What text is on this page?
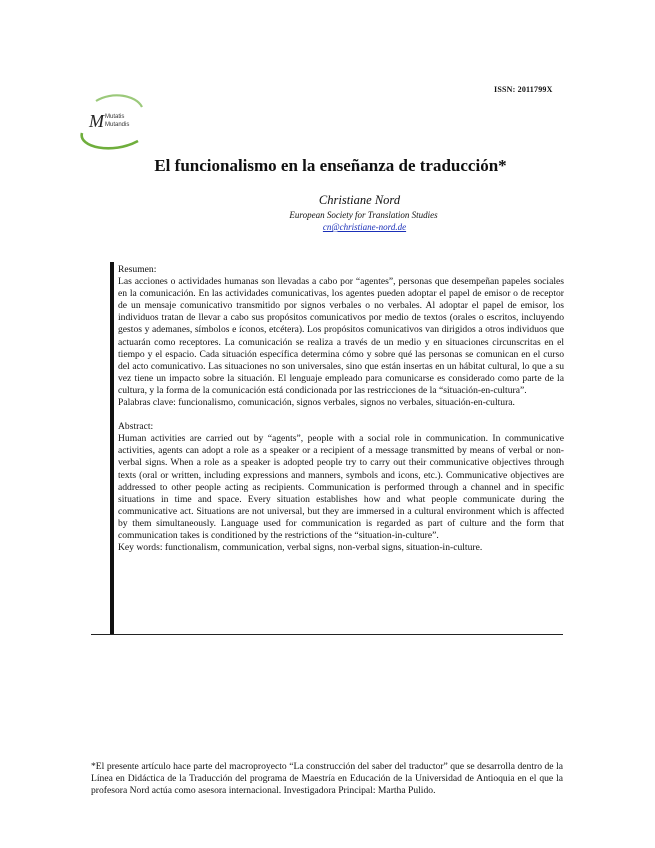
ISSN: 2011799X
M Mutatis
Mutandis
El funcionalismo en la enseñanza de traducción*
Christiane Nord
European Society for Translation Studies
cn@christiane-nord.de

Resumen:

Las acciones o actividades humanas son llevadas a cabo por “agentes”, personas que desempeñan papeles sociales en la comunicación. En las actividades comunicativas, los agentes pueden adoptar el papel de emisor o de receptor de un mensaje comunicativo transmitido por signos verbales o no verbales. Al adoptar el papel de emisor, los individuos tratan de llevar a cabo sus propósitos comunicativos por medio de textos (orales o escritos, incluyendo gestos y ademanes, símbolos e íconos, etcétera). Los propósitos comunicativos van dirigidos a otros individuos que actuarán como receptores. La comunicación se realiza a través de un medio y en situaciones circunscritas en el tiempo y el espacio. Cada situación específica determina cómo y sobre qué las personas se comunican en el curso del acto comunicativo. Las situaciones no son universales, sino que están insertas en un hábitat cultural, lo que a su vez tiene un impacto sobre la situación. El lenguaje empleado para comunicarse es considerado como parte de la cultura, y la forma de la comunicación está condicionada por las restricciones de la “situación-en-cultura”.

Palabras clave: funcionalismo, comunicación, signos verbales, signos no verbales, situación-en-cultura.

Abstract:

Human activities are carried out by “agents”, people with a social role in communication. In communicative activities, agents can adopt a role as a speaker or a recipient of a message transmitted by means of verbal or non-verbal signs. When a role as a speaker is adopted people try to carry out their communicative objectives through texts (oral or written, including expressions and manners, symbols and icons, etc.). Communicative objectives are addressed to other people acting as recipients. Communication is performed through a channel and in specific situations in time and space. Every situation establishes how and what people communicate during the communicative act. Situations are not universal, but they are immersed in a cultural environment which is affected by them simultaneously. Language used for communication is regarded as part of culture and the form that communication takes is conditioned by the restrictions of the “situation-in-culture”.

Key words: functionalism, communication, verbal signs, non-verbal signs, situation-in-culture.

*El presente artículo hace parte del macroproyecto “La construcción del saber del traductor” que se desarrolla dentro de la Línea en Didáctica de la Traducción del programa de Maestría en Educación de la Universidad de Antioquia en el que la profesora Nord actúa como asesora internacional. Investigadora Principal: Martha Pulido.
